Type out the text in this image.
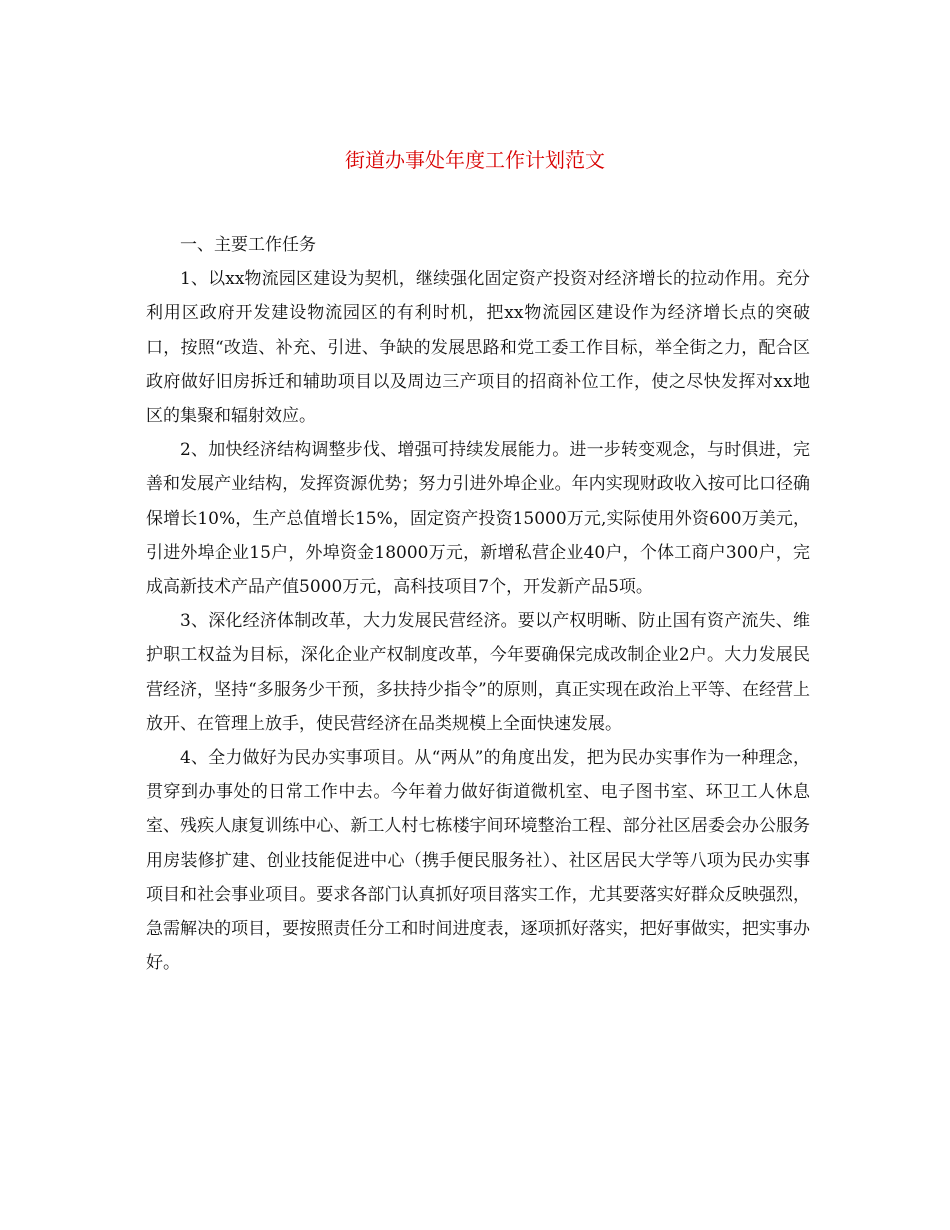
街道办事处年度工作计划范文

一、主要工作任务

1、以xx物流园区建设为契机，继续强化固定资产投资对经济增长的拉动作用。充分利用区政府开发建设物流园区的有利时机，把xx物流园区建设作为经济增长点的突破口，按照“改造、补充、引进、争缺的发展思路和党工委工作目标，举全街之力，配合区政府做好旧房拆迁和辅助项目以及周边三产项目的招商补位工作，使之尽快发挥对xx地区的集聚和辐射效应。

2、加快经济结构调整步伐、增强可持续发展能力。进一步转变观念，与时俱进，完善和发展产业结构，发挥资源优势；努力引进外埠企业。年内实现财政收入按可比口径确保增长10%，生产总值增长15%，固定资产投资15000万元,实际使用外资600万美元，引进外埠企业15户，外埠资金18000万元，新增私营企业40户，个体工商户300户，完成高新技术产品产值5000万元，高科技项目7个，开发新产品5项。

3、深化经济体制改革，大力发展民营经济。要以产权明晰、防止国有资产流失、维护职工权益为目标，深化企业产权制度改革，今年要确保完成改制企业2户。大力发展民营经济，坚持“多服务少干预，多扶持少指令”的原则，真正实现在政治上平等、在经营上放开、在管理上放手，使民营经济在品类规模上全面快速发展。

4、全力做好为民办实事项目。从“两从”的角度出发，把为民办实事作为一种理念，贯穿到办事处的日常工作中去。今年着力做好街道微机室、电子图书室、环卫工人休息室、残疾人康复训练中心、新工人村七栋楼宇间环境整治工程、部分社区居委会办公服务用房装修扩建、创业技能促进中心（携手便民服务社）、社区居民大学等八项为民办实事项目和社会事业项目。要求各部门认真抓好项目落实工作，尤其要落实好群众反映强烈，急需解决的项目，要按照责任分工和时间进度表，逐项抓好落实，把好事做实，把实事办好。
